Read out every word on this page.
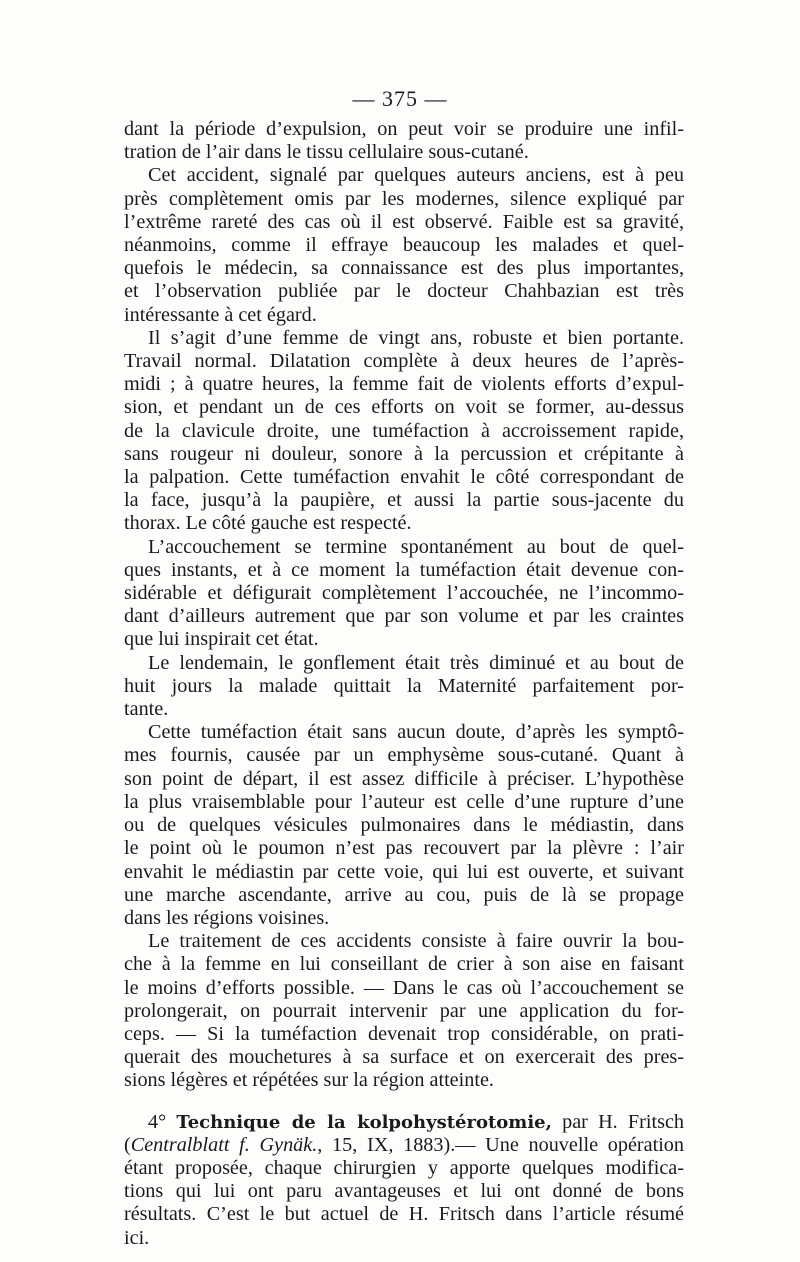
— 375 —
dant la période d’expulsion, on peut voir se produire une infil-
tration de l’air dans le tissu cellulaire sous-cutané.
Cet accident, signalé par quelques auteurs anciens, est à peu
près complètement omis par les modernes, silence expliqué par
l’extrême rareté des cas où il est observé. Faible est sa gravité,
néanmoins, comme il effraye beaucoup les malades et quel-
quefois le médecin, sa connaissance est des plus importantes,
et l’observation publiée par le docteur Chahbazian est très
intéressante à cet égard.
Il s’agit d’une femme de vingt ans, robuste et bien portante.
Travail normal. Dilatation complète à deux heures de l’après-
midi ; à quatre heures, la femme fait de violents efforts d’expul-
sion, et pendant un de ces efforts on voit se former, au-dessus
de la clavicule droite, une tuméfaction à accroissement rapide,
sans rougeur ni douleur, sonore à la percussion et crépitante à
la palpation. Cette tuméfaction envahit le côté correspondant de
la face, jusqu’à la paupière, et aussi la partie sous-jacente du
thorax. Le côté gauche est respecté.
L’accouchement se termine spontanément au bout de quel-
ques instants, et à ce moment la tuméfaction était devenue con-
sidérable et défigurait complètement l’accouchée, ne l’incommo-
dant d’ailleurs autrement que par son volume et par les craintes
que lui inspirait cet état.
Le lendemain, le gonflement était très diminué et au bout de
huit jours la malade quittait la Maternité parfaitement por-
tante.
Cette tuméfaction était sans aucun doute, d’après les symptô-
mes fournis, causée par un emphysème sous-cutané. Quant à
son point de départ, il est assez difficile à préciser. L’hypothèse
la plus vraisemblable pour l’auteur est celle d’une rupture d’une
ou de quelques vésicules pulmonaires dans le médiastin, dans
le point où le poumon n’est pas recouvert par la plèvre : l’air
envahit le médiastin par cette voie, qui lui est ouverte, et suivant
une marche ascendante, arrive au cou, puis de là se propage
dans les régions voisines.
Le traitement de ces accidents consiste à faire ouvrir la bou-
che à la femme en lui conseillant de crier à son aise en faisant
le moins d’efforts possible. — Dans le cas où l’accouchement se
prolongerait, on pourrait intervenir par une application du for-
ceps. — Si la tuméfaction devenait trop considérable, on prati-
querait des mouchetures à sa surface et on exercerait des pres-
sions légères et répétées sur la région atteinte.
4° Technique de la kolpohystérotomie, par H. Fritsch
(Centralblatt f. Gynäk., 15, IX, 1883).— Une nouvelle opération
étant proposée, chaque chirurgien y apporte quelques modifica-
tions qui lui ont paru avantageuses et lui ont donné de bons
résultats. C’est le but actuel de H. Fritsch dans l’article résumé
ici.
